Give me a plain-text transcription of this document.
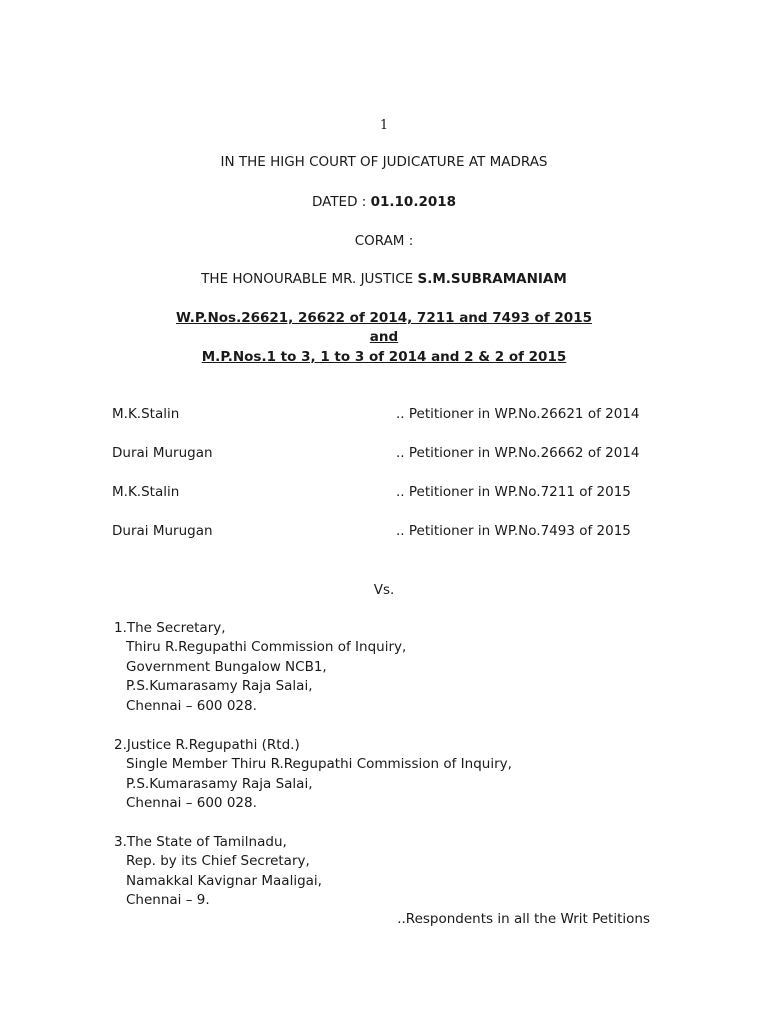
1
IN THE HIGH COURT OF JUDICATURE AT MADRAS
DATED : 01.10.2018
CORAM :
THE HONOURABLE MR. JUSTICE S.M.SUBRAMANIAM
W.P.Nos.26621, 26622 of 2014, 7211 and 7493 of 2015
and
M.P.Nos.1 to 3, 1 to 3 of 2014 and 2 & 2 of 2015
M.K.Stalin	.. Petitioner in WP.No.26621 of 2014
Durai Murugan	.. Petitioner in WP.No.26662 of 2014
M.K.Stalin	.. Petitioner in WP.No.7211 of 2015
Durai Murugan	.. Petitioner in WP.No.7493 of 2015
Vs.
1.The Secretary,
Thiru R.Regupathi Commission of Inquiry,
Government Bungalow NCB1,
P.S.Kumarasamy Raja Salai,
Chennai – 600 028.
2.Justice R.Regupathi (Rtd.)
Single Member Thiru R.Regupathi Commission of Inquiry,
P.S.Kumarasamy Raja Salai,
Chennai – 600 028.
3.The State of Tamilnadu,
Rep. by its Chief Secretary,
Namakkal Kavignar Maaligai,
Chennai – 9.
..Respondents in all the Writ Petitions
